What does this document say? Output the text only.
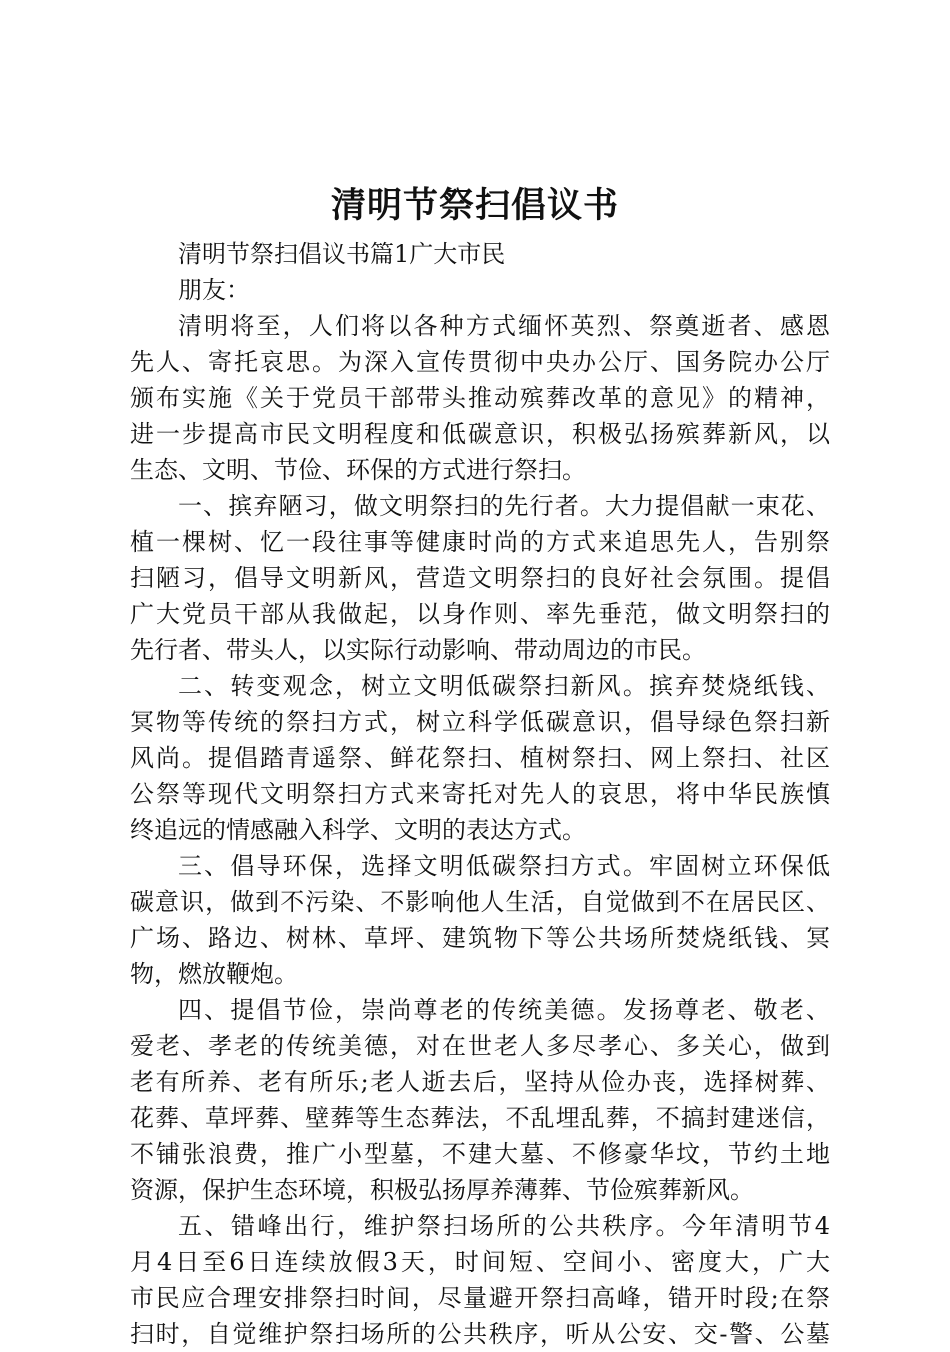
清明节祭扫倡议书

清明节祭扫倡议书篇1广大市民

朋友：

清明将至，人们将以各种方式缅怀英烈、祭奠逝者、感恩

先人、寄托哀思。为深入宣传贯彻中央办公厅、国务院办公厅

颁布实施《关于党员干部带头推动殡葬改革的意见》的精神，

进一步提高市民文明程度和低碳意识，积极弘扬殡葬新风，以

生态、文明、节俭、环保的方式进行祭扫。

一、摈弃陋习，做文明祭扫的先行者。大力提倡献一束花、

植一棵树、忆一段往事等健康时尚的方式来追思先人，告别祭

扫陋习，倡导文明新风，营造文明祭扫的良好社会氛围。提倡

广大党员干部从我做起，以身作则、率先垂范，做文明祭扫的

先行者、带头人，以实际行动影响、带动周边的市民。

二、转变观念，树立文明低碳祭扫新风。摈弃焚烧纸钱、

冥物等传统的祭扫方式，树立科学低碳意识，倡导绿色祭扫新

风尚。提倡踏青遥祭、鲜花祭扫、植树祭扫、网上祭扫、社区

公祭等现代文明祭扫方式来寄托对先人的哀思，将中华民族慎

终追远的情感融入科学、文明的表达方式。

三、倡导环保，选择文明低碳祭扫方式。牢固树立环保低

碳意识，做到不污染、不影响他人生活，自觉做到不在居民区、

广场、路边、树林、草坪、建筑物下等公共场所焚烧纸钱、冥

物，燃放鞭炮。

四、提倡节俭，崇尚尊老的传统美德。发扬尊老、敬老、

爱老、孝老的传统美德，对在世老人多尽孝心、多关心，做到

老有所养、老有所乐;老人逝去后，坚持从俭办丧，选择树葬、

花葬、草坪葬、壁葬等生态葬法，不乱埋乱葬，不搞封建迷信，

不铺张浪费，推广小型墓，不建大墓、不修豪华坟，节约土地

资源，保护生态环境，积极弘扬厚养薄葬、节俭殡葬新风。

五、错峰出行，维护祭扫场所的公共秩序。今年清明节4

月4日至6日连续放假3天，时间短、空间小、密度大，广大

市民应合理安排祭扫时间，尽量避开祭扫高峰，错开时段;在祭

扫时，自觉维护祭扫场所的公共秩序，听从公安、交-警、公墓
